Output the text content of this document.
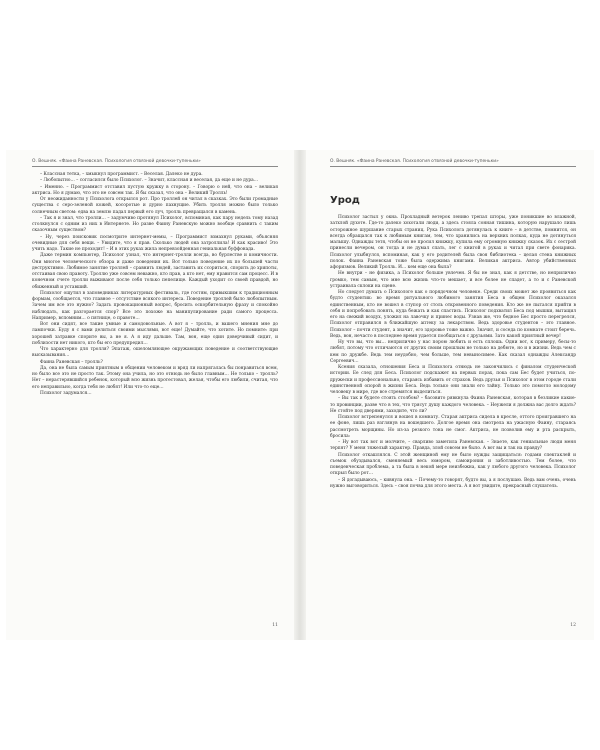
О. Вешняк. «Фаина Раневская. Психология отвязной девочки-тупеньки»

– Классная тетка, – хмыкнул программист. – Веселая. Далеко не дура.

– Любопытно… – согласился было Психолог. – Значит, классная и веселая, да еще и не дура…

– Именно. – Программист отставил пустую кружку в сторону. – Говорю о ней, что она – великая актриса. Но я думаю, что это не совсем так. Я бы сказал, что она – Великий Тролль!

От неожиданности у Психолога открылся рот. Про троллей он читал в сказках. Это были громадные существа с серо-зеленой кожей, косоротые и дурно пахнущие. Убить тролля можно было только солнечным светом: едва на землю падал первый его луч, тролль превращался в камень.

– Так я и знал, что тролли… – задумчиво протянул Психолог, вспоминая, как пару недель тому назад столкнулся с одним из них в Интернете. Но разве Фаину Раневскую можно вообще сравнить с таким сказочным существом?

– Ну, через поисковик посмотрите интернет-мемы, – Программист взмахнул руками, объясняя очевидные для себя вещи. – Увидите, что я прав. Сколько людей она затроллила! И как красиво! Это учить надо. Такие не проходят! – И в этих руках жила непревзойденная гениальная буффонада.

Даже термин компьютер, Психолог узнал, что интернет-тролли всегда, во бурлестве и комичности. Они многое человеческого обзора и даже поведения их. Вот только поведение их по большей части деструктивно. Любимое занятие троллей – сравнить людей, заставить их ссориться, спорить до хрипоты, отстаивая свою правоту. Троллю уже совсем неважно, кто прав, а кто нет, ему нравится сам процесс. И в конечном счете тролли выживают после себя только пепелище. Каждый уходит со своей правдой, но обиженный и уставший.

Психолог ощутил в заповедниках литературных фестиваль, где гостям, привыкшим к традиционным формам, сообщается, что главное – отсутствие всякого интереса. Поведение троллей было любопытным. Зачем им все это нужно? Задать провокационный вопрос, бросить оскорбительную фразу и спокойно наблюдать, как разгорается спор? Все это похоже на манипулирование ради самого процесса. Например, вспомним… о пятнице, о правоте…

Вот они сидят, все такие умные и самодовольные. А вот я – тролль, и вашего мнения мне до лампочки. Буду я с вами делиться своими мыслями, вот еще! Думайте, что хотите. Но помните: при хорошей затравке спорите вы, а не я. А я иду дальше. Там, вон, еще один доверчивый сидит, и поблизости нет никого, кто бы его предупредил…

Что характерно для тролля? Эпатаж, ошеломляющее окружающих поведение и соответствующие высказывания…

Фаина Раневская – тролль?

Да, она не была самым приятным в общении человеком и вряд ли напрягалась бы понравиться всем, но было все это не просто так. Этому она учила, но это отнюдь не было главным… Не только – тролль? Нет – нерастерявшийся ребенок, который всю жизнь протестовал, желая, чтобы его любили, считая, что его неправильно, когда тебя не любят! Или что-то еще…

Психолог задумался…

11
О. Вешняк. «Фаина Раневская. Психология отвязной девочки-тупеньки»
Урод

Психолог застыл у окна. Прохладный ветерок лениво трепал шторы, уже поникшие во влажной, затхлой духоте. Где-то далеко хохотали люди, а здесь стояла сонная тишина, которую нарушало лишь осторожное шуршание старых страниц. Рука Психолога дотянулась к книге – в детстве, помнится, он всегда обращался так к любимым книгам, тем, что хранились на верхних полках, куда не дотянуться малышу. Однажды тетя, чтобы он не просил книжку, купила ему огромную книжку сказок. Их с сестрой принесли вечером, он тогда и не думал спать, лег с книгой в руках и читал при свете фонарика. Психолог улыбнулся, вспоминая, как у его родителей была своя библиотека – целая стена книжных полок. Фаина Раневская тоже была одержима книгами. Великая актриса. Автор убийственных афоризмов. Великий Тролль. И… кем еще она была?

Не внутри – не физика, а Психолог больше увлечен. Я бы не знал, как я детстве, но неприлично громко, тем самым, что мне всю жизнь что-то мешает, и все более не спадет, а то и с Раневской устраивала склоки на сцене.

Но следует думать о Психологе как о порядочном человеке. Среди своих может же проявиться как будто студентик: во время ритуального любимого занятия Беса в общем Психолог оказался единственным, кто не вошел в ступор от столь откровенного поведения. Кто же не пытался прийти в себя и попробовать понять, куда бежать и как спастись. Психолог подхватил Беса под мышки, вытащил его на свежий воздух, уложил на лавочку и принес воды. Узнав же, что бедное Бес просто перегрелся, Психолог отправился в ближайшую аптеку за лекарством. Ведь здоровье студентов – это главное. Психолог – почти студент, а значит, его здоровье тоже важно. Значит, и соседа по комнате стоит беречь. Ведь, вон, нечасто в последнее время удается пообщаться с друзьями. Зато какой приятный вечер!

Ну что вы, что вы… неприлично у нас порою любить и есть сплошь. Одни вот, к примеру, бесы-то любят, потому что отличаются от других своим прошлым не только на дебюте, но и в жизни. Ведь чем с кем по дружбе. Ведь тем неудобно, чем больше, тем невыносимее. Как сказал однажды Александр Сергеевич…

Ксения сказала, отношения Беса и Психолога отнюдь не закончились с финалом студенческой истории. Ее след для Беса. Психолог подскажет на первых порах, пока сам Бес будет учиться, по-дружески и профессионально, стараясь избавить от страхов. Ведь друзья и Психолог в этом городе стали единственной опорой в жизни Беса. Ведь только они знали его тайну. Только это помогло молодому человеку в мире, где все стремятся выделиться.

– Вы так и будете стоять столбом? – басовито рявкнула Фаина Раневская, которая в безликие какие-то провинции, разве что в тех, что трясут душу каждого человека. – Неужели я должна вас долго ждать? Не стойте под дверями, заходите, что ли?

Психолог встрепенулся и вошел в комнату. Старая актриса сидела в кресле, оттого проигравшего на ее фоне, лишь раз взглянув на вошедшего. Долгое время она смотрела на ужасную Фаину, стараясь рассмотреть морщины. Но из-за резкого тона не смог. Актриса, не позволив ему и рта раскрыть, бросила:

– Ну вот так вот и молчите, – сварливо заметила Раневская. – Знаете, как гениальные люди меня терпят? У меня тяжелый характер. Правда, злой совсем не было. А вот вы и так на правду?

Психолог откашлялся. С этой женщиной ему не было нужды защищаться: годами спектаклей и съемок обуздывался, сменяемый весь юмором, самоирония и заботливостью. Тем более, что поведенческая проблема, а та была в некой мере неизбежна, как у любого другого человека. Психолог открыл было рот…

– Я догадываюсь, – кивнула она. – Почему-то говорят, будто вы, а я послушаю. Ведь вам очень, очень нужно выговориться. Здесь – своя почва для этого места. А я вот увидите, прекрасный слушатель.

12
